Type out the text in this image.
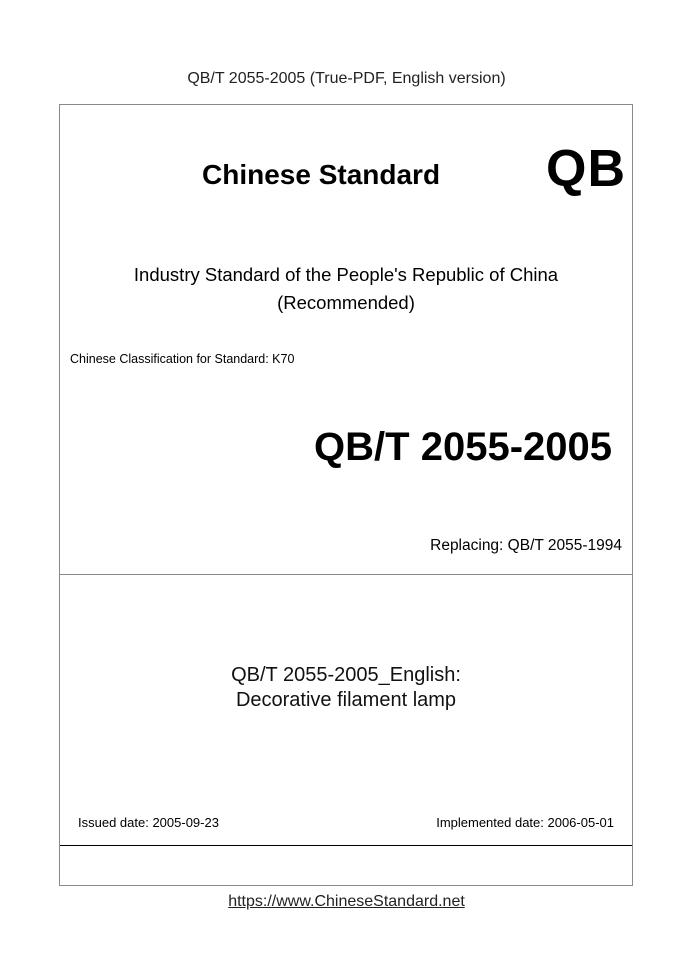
QB/T 2055-2005 (True-PDF, English version)
Chinese Standard QB
Industry Standard of the People's Republic of China
(Recommended)
Chinese Classification for Standard: K70
QB/T 2055-2005
Replacing: QB/T 2055-1994
QB/T 2055-2005_English:
Decorative filament lamp
Issued date: 2005-09-23	Implemented date: 2006-05-01
https://www.ChineseStandard.net
